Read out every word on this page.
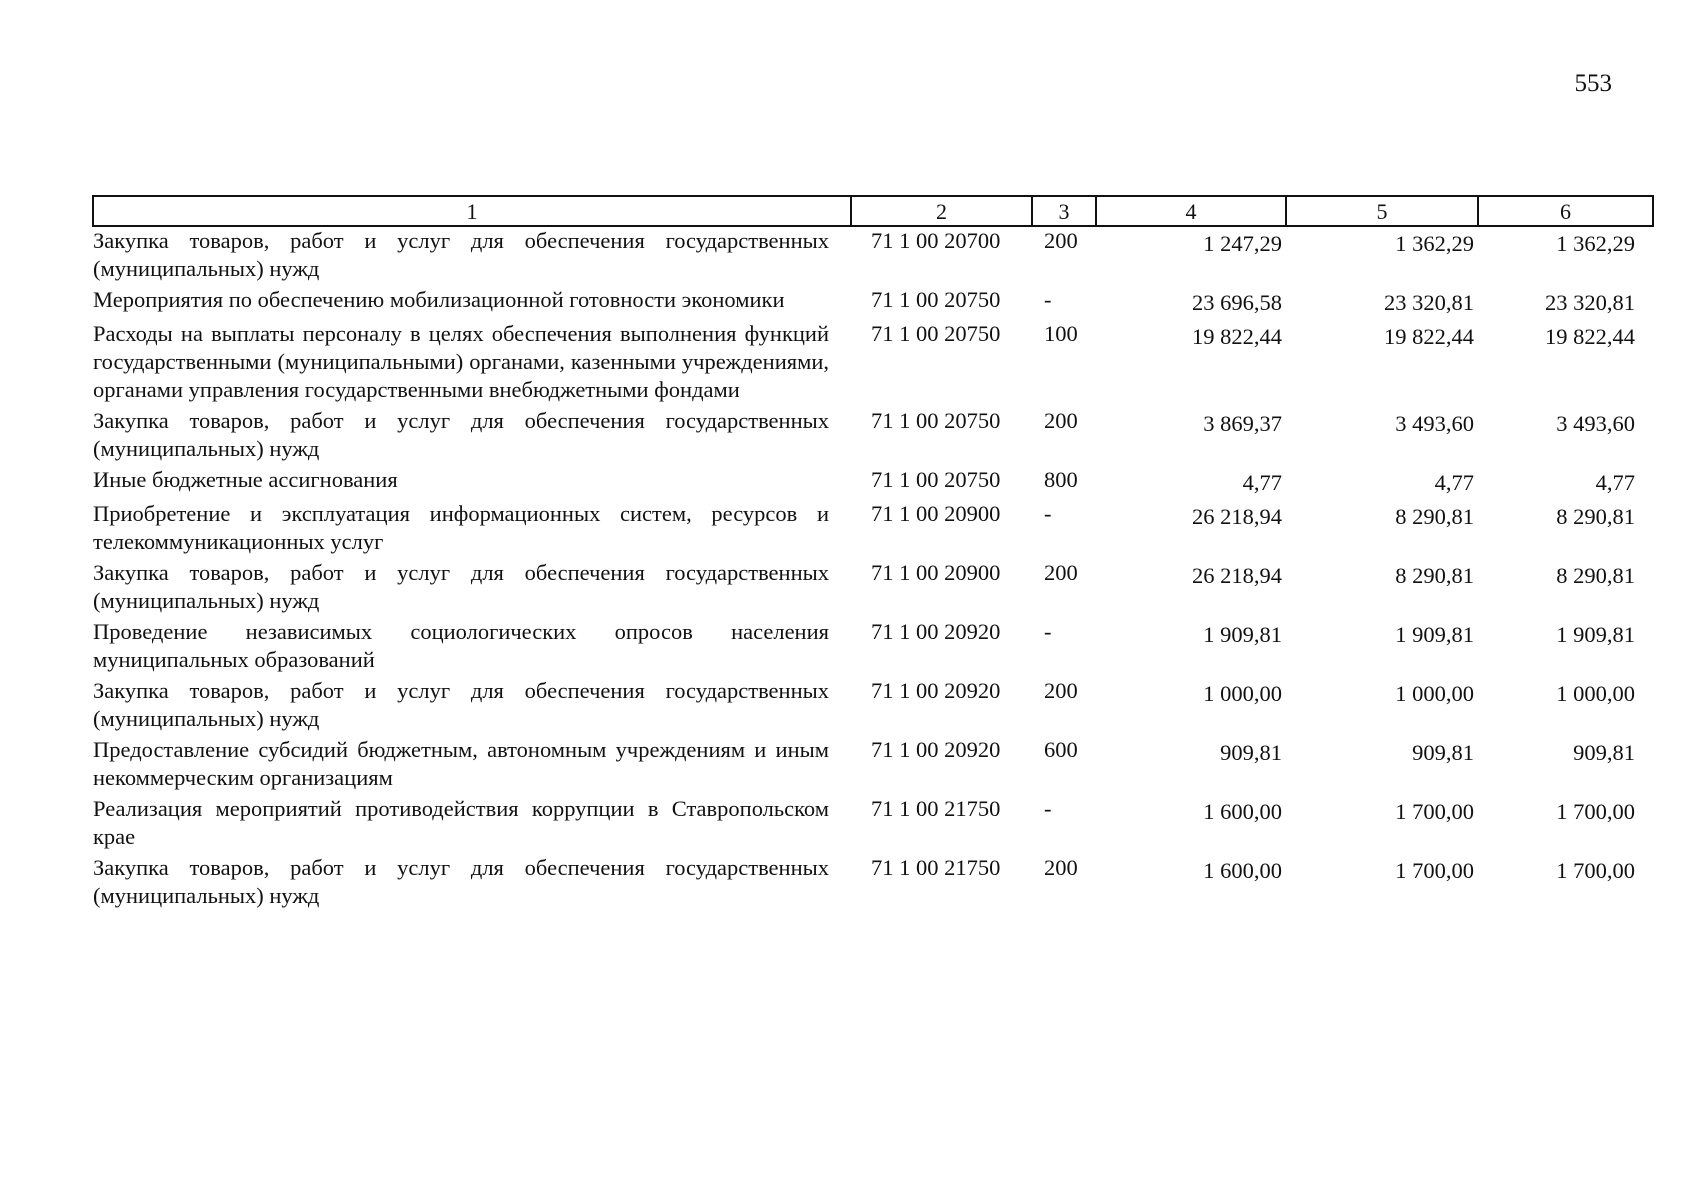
553
1	2	3	4	5	6
Закупка товаров, работ и услуг для обеспечения государственных (муниципальных) нужд	71 1 00 20700	200	1 247,29	1 362,29	1 362,29
Мероприятия по обеспечению мобилизационной готовности экономики	71 1 00 20750	-	23 696,58	23 320,81	23 320,81
Расходы на выплаты персоналу в целях обеспечения выполнения функций государственными (муниципальными) органами, казенными учреждениями, органами управления государственными внебюджетными фондами	71 1 00 20750	100	19 822,44	19 822,44	19 822,44
Закупка товаров, работ и услуг для обеспечения государственных (муниципальных) нужд	71 1 00 20750	200	3 869,37	3 493,60	3 493,60
Иные бюджетные ассигнования	71 1 00 20750	800	4,77	4,77	4,77
Приобретение и эксплуатация информационных систем, ресурсов и телекоммуникационных услуг	71 1 00 20900	-	26 218,94	8 290,81	8 290,81
Закупка товаров, работ и услуг для обеспечения государственных (муниципальных) нужд	71 1 00 20900	200	26 218,94	8 290,81	8 290,81
Проведение независимых социологических опросов населения муниципальных образований	71 1 00 20920	-	1 909,81	1 909,81	1 909,81
Закупка товаров, работ и услуг для обеспечения государственных (муниципальных) нужд	71 1 00 20920	200	1 000,00	1 000,00	1 000,00
Предоставление субсидий бюджетным, автономным учреждениям и иным некоммерческим организациям	71 1 00 20920	600	909,81	909,81	909,81
Реализация мероприятий противодействия коррупции в Ставропольском крае	71 1 00 21750	-	1 600,00	1 700,00	1 700,00
Закупка товаров, работ и услуг для обеспечения государственных (муниципальных) нужд	71 1 00 21750	200	1 600,00	1 700,00	1 700,00
